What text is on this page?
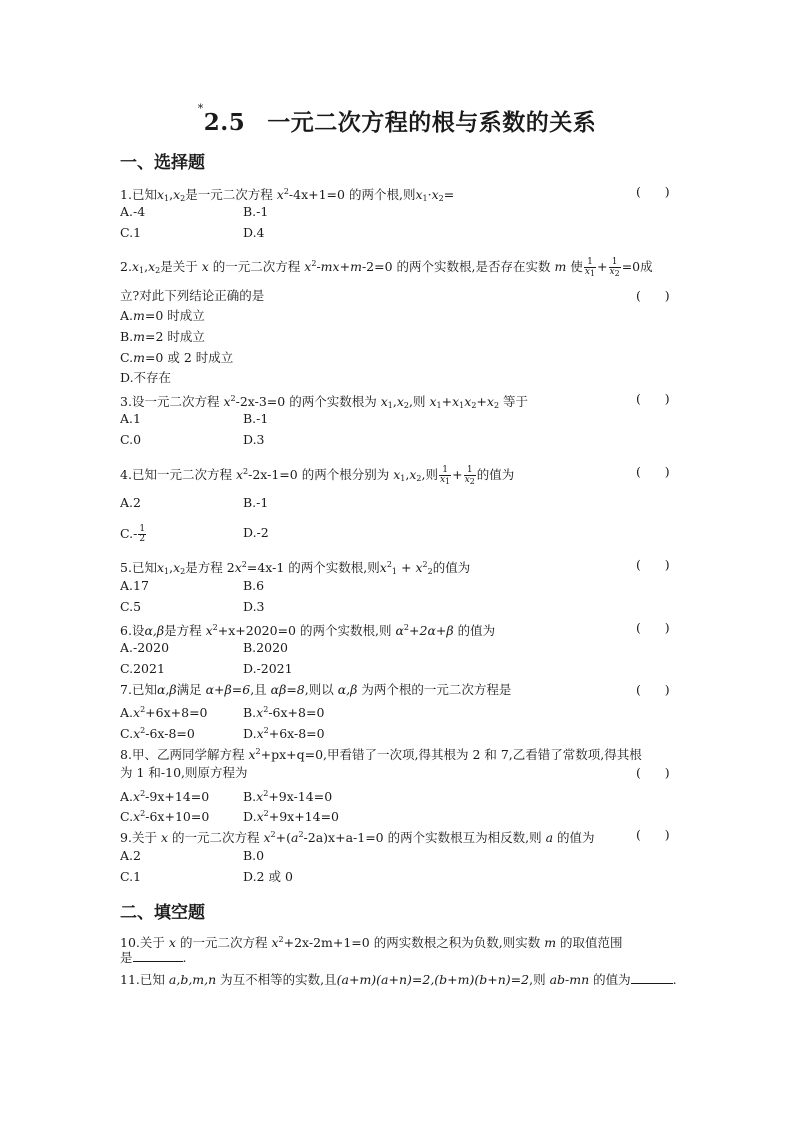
*2.5 一元二次方程的根与系数的关系
一、选择题
1.已知$x_1,x_2$是一元二次方程 $x^2-4x+1=0$ 的两个根,则$x_1\cdot x_2=$	(      )
A.-4	B.-1
C.1	D.4
$2.x_1,x_2$是关于 x 的一元二次方程 $x^2-mx+m-2=0$ 的两个实数根,是否存在实数 m 使 $\frac{1}{x_1} + \frac{1}{x_2} =0$成
立?对此下列结论正确的是	(      )
A.m=0 时成立
B.m=2 时成立
C.m=0 或 2 时成立
D.不存在
3.设一元二次方程 $x^2-2x-3=0$ 的两个实数根为 $x_1,x_2$,则 $x_1+x_1x_2+x_2$ 等于	(      )
A.1	B.-1
C.0	D.3
4.已知一元二次方程 $x^2-2x-1=0$ 的两个根分别为 $x_1,x_2$,则 $\frac{1}{x_1} + \frac{1}{x_2}$ 的值为	(      )
A.2	B.-1
$C.- \frac{1}{2}$	D.-2
5.已知$x_1,x_2$是方程 $2x^2=4x-1$ 的两个实数根,则$x^2_1 + x^2_2$的值为	(      )
A.17	B.6
C.5	D.3
6.设α,β是方程 $x^2+x+2020=0$ 的两个实数根,则 $\alpha^2+2\alpha+\beta$ 的值为	(      )
A.-2020	B.2020
C.2021	D.-2021
7.已知α,β满足 α+β=6,且 αβ=8,则以 α,β 为两个根的一元二次方程是	(      )
$A.x^2+6x+8=0$	$B.x^2-6x+8=0$
$C.x^2-6x-8=0$	$D.x^2+6x-8=0$
8.甲、乙两同学解方程 $x^2+px+q=0$,甲看错了一次项,得其根为 2 和 7,乙看错了常数项,得其根
为 1 和-10,则原方程为	(      )
$A.x^2-9x+14=0$	$B.x^2+9x-14=0$
$C.x^2-6x+10=0$	$D.x^2+9x+14=0$
9.关于 x 的一元二次方程 $x^2+(a^2-2a)x+a-1=0$ 的两个实数根互为相反数,则 a 的值为	(      )
A.2	B.0
C.1	D.2 或 0
二、填空题
10.关于 x 的一元二次方程 $x^2+2x-2m+1=0$ 的两实数根之积为负数,则实数 m 的取值范围
是	.
11.已知 a,b,m,n 为互不相等的实数,且(a+m)(a+n)=2,(b+m)(b+n)=2,则 ab-mn 的值为	.
